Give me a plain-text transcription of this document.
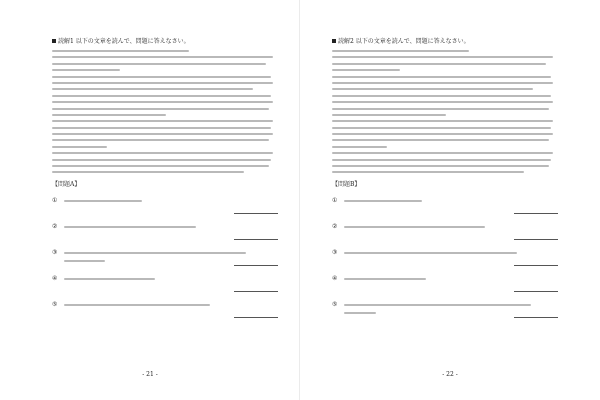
読解1 以下の文章を読んで、問題に答えなさい。
【問題A】
①
②
③
④
⑤
- 21 -
読解2 以下の文章を読んで、問題に答えなさい。
【問題B】
①
②
③
④
⑤
- 22 -
